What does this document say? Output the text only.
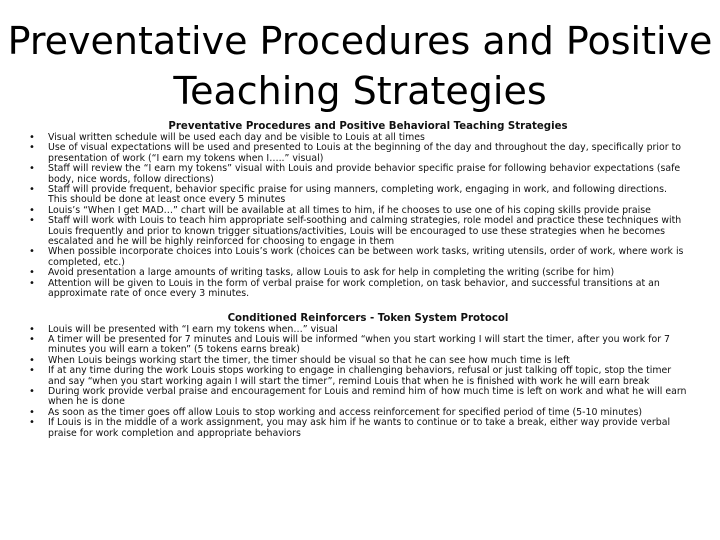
Preventative Procedures and Positive
Teaching Strategies
Preventative Procedures and Positive Behavioral Teaching Strategies
• Visual written schedule will be used each day and be visible to Louis at all times
• Use of visual expectations will be used and presented to Louis at the beginning of the day and throughout the day, specifically prior to presentation of work (“I earn my tokens when I…..” visual)
• Staff will review the “I earn my tokens” visual with Louis and provide behavior specific praise for following behavior expectations (safe body, nice words, follow directions)
• Staff will provide frequent, behavior specific praise for using manners, completing work, engaging in work, and following directions. This should be done at least once every 5 minutes
• Louis’s “When I get MAD…” chart will be available at all times to him, if he chooses to use one of his coping skills provide praise
• Staff will work with Louis to teach him appropriate self-soothing and calming strategies, role model and practice these techniques with Louis frequently and prior to known trigger situations/activities, Louis will be encouraged to use these strategies when he becomes escalated and he will be highly reinforced for choosing to engage in them
• When possible incorporate choices into Louis’s work (choices can be between work tasks, writing utensils, order of work, where work is completed, etc.)
• Avoid presentation a large amounts of writing tasks, allow Louis to ask for help in completing the writing (scribe for him)
• Attention will be given to Louis in the form of verbal praise for work completion, on task behavior, and successful transitions at an approximate rate of once every 3 minutes.
Conditioned Reinforcers - Token System Protocol
• Louis will be presented with “I earn my tokens when…” visual
• A timer will be presented for 7 minutes and Louis will be informed “when you start working I will start the timer, after you work for 7 minutes you will earn a token” (5 tokens earns break)
• When Louis beings working start the timer, the timer should be visual so that he can see how much time is left
• If at any time during the work Louis stops working to engage in challenging behaviors, refusal or just talking off topic, stop the timer and say “when you start working again I will start the timer”, remind Louis that when he is finished with work he will earn break
• During work provide verbal praise and encouragement for Louis and remind him of how much time is left on work and what he will earn when he is done
• As soon as the timer goes off allow Louis to stop working and access reinforcement for specified period of time (5-10 minutes)
• If Louis is in the middle of a work assignment, you may ask him if he wants to continue or to take a break, either way provide verbal praise for work completion and appropriate behaviors
